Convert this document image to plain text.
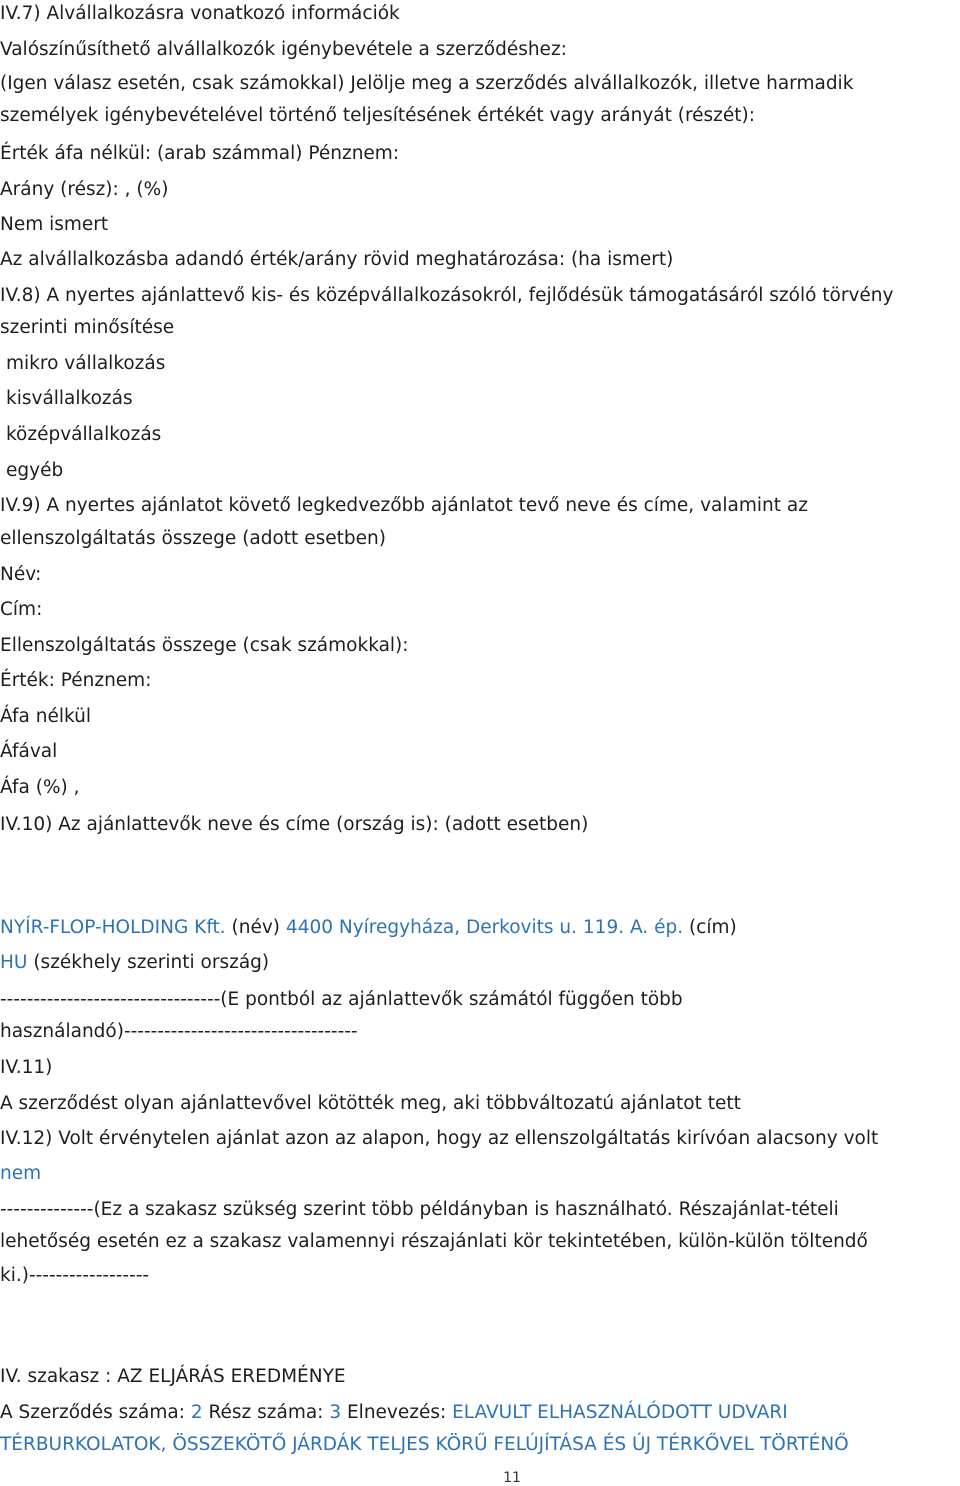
IV.7) Alvállalkozásra vonatkozó információk
Valószínűsíthető alvállalkozók igénybevétele a szerződéshez:
(Igen válasz esetén, csak számokkal) Jelölje meg a szerződés alvállalkozók, illetve harmadik
személyek igénybevételével történő teljesítésének értékét vagy arányát (részét):
Érték áfa nélkül: (arab számmal) Pénznem:
Arány (rész): , (%)
Nem ismert
Az alvállalkozásba adandó érték/arány rövid meghatározása: (ha ismert)
IV.8) A nyertes ajánlattevő kis- és középvállalkozásokról, fejlődésük támogatásáról szóló törvény
szerinti minősítése
mikro vállalkozás
kisvállalkozás
középvállalkozás
egyéb
IV.9) A nyertes ajánlatot követő legkedvezőbb ajánlatot tevő neve és címe, valamint az
ellenszolgáltatás összege (adott esetben)
Név:
Cím:
Ellenszolgáltatás összege (csak számokkal):
Érték: Pénznem:
Áfa nélkül
Áfával
Áfa (%) ,
IV.10) Az ajánlattevők neve és címe (ország is): (adott esetben)
NYÍR-FLOP-HOLDING Kft. (név) 4400 Nyíregyháza, Derkovits u. 119. A. ép. (cím)
HU (székhely szerinti ország)
---------------------------------(E pontból az ajánlattevők számától függően több
használandó)-----------------------------------
IV.11)
A szerződést olyan ajánlattevővel kötötték meg, aki többváltozatú ajánlatot tett
IV.12) Volt érvénytelen ajánlat azon az alapon, hogy az ellenszolgáltatás kirívóan alacsony volt
nem
--------------(Ez a szakasz szükség szerint több példányban is használható. Részajánlat-tételi
lehetőség esetén ez a szakasz valamennyi részajánlati kör tekintetében, külön-külön töltendő
ki.)------------------
IV. szakasz : AZ ELJÁRÁS EREDMÉNYE
A Szerződés száma: 2 Rész száma: 3 Elnevezés: ELAVULT ELHASZNÁLÓDOTT UDVARI
TÉRBURKOLATOK, ÖSSZEKÖTŐ JÁRDÁK TELJES KÖRŰ FELÚJÍTÁSA ÉS ÚJ TÉRKŐVEL TÖRTÉNŐ
11
